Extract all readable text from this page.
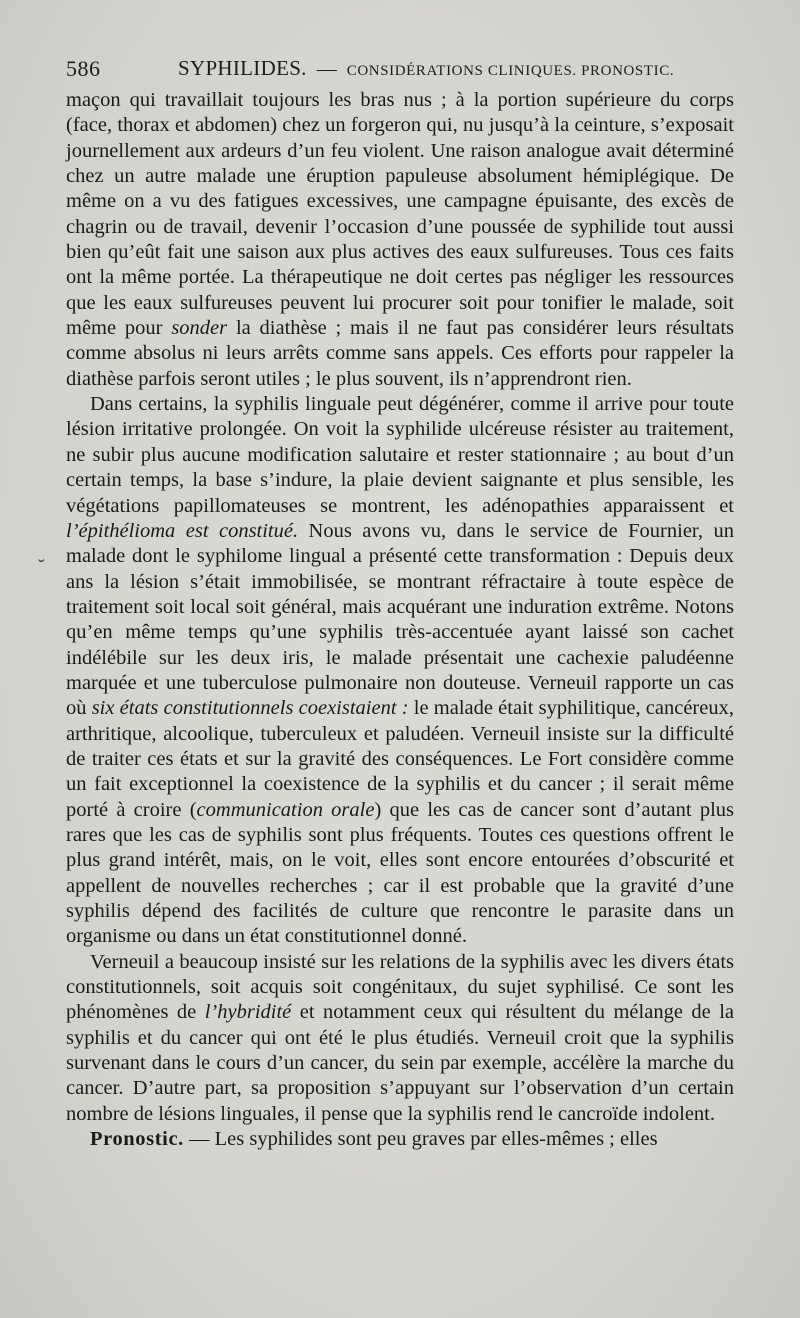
586	SYPHILIDES. — CONSIDÉRATIONS CLINIQUES. PRONOSTIC.
˘

maçon qui travaillait toujours les bras nus ; à la portion supérieure du corps (face, thorax et abdomen) chez un forgeron qui, nu jusqu’à la ceinture, s’exposait journellement aux ardeurs d’un feu violent. Une raison analogue avait déterminé chez un autre malade une éruption papuleuse absolument hémiplégique. De même on a vu des fatigues excessives, une campagne épuisante, des excès de chagrin ou de travail, devenir l’occasion d’une poussée de syphilide tout aussi bien qu’eût fait une saison aux plus actives des eaux sulfureuses. Tous ces faits ont la même portée. La thérapeutique ne doit certes pas négliger les ressources que les eaux sulfureuses peuvent lui procurer soit pour tonifier le malade, soit même pour sonder la diathèse ; mais il ne faut pas considérer leurs résultats comme absolus ni leurs arrêts comme sans appels. Ces efforts pour rappeler la diathèse parfois seront utiles ; le plus souvent, ils n’apprendront rien.

Dans certains, la syphilis linguale peut dégénérer, comme il arrive pour toute lésion irritative prolongée. On voit la syphilide ulcéreuse résister au traitement, ne subir plus aucune modification salutaire et rester stationnaire ; au bout d’un certain temps, la base s’indure, la plaie devient saignante et plus sensible, les végétations papillomateuses se montrent, les adénopathies apparaissent et l’épithélioma est constitué. Nous avons vu, dans le service de Fournier, un malade dont le syphilome lingual a présenté cette transformation : Depuis deux ans la lésion s’était immobilisée, se montrant réfractaire à toute espèce de traitement soit local soit général, mais acquérant une induration extrême. Notons qu’en même temps qu’une syphilis très-accentuée ayant laissé son cachet indélébile sur les deux iris, le malade présentait une cachexie paludéenne marquée et une tuberculose pulmonaire non douteuse. Verneuil rapporte un cas où six états constitutionnels coexistaient : le malade était syphilitique, cancéreux, arthritique, alcoolique, tuberculeux et paludéen. Verneuil insiste sur la difficulté de traiter ces états et sur la gravité des conséquences. Le Fort considère comme un fait exceptionnel la coexistence de la syphilis et du cancer ; il serait même porté à croire (communication orale) que les cas de cancer sont d’autant plus rares que les cas de syphilis sont plus fréquents. Toutes ces questions offrent le plus grand intérêt, mais, on le voit, elles sont encore entourées d’obscurité et appellent de nouvelles recherches ; car il est probable que la gravité d’une syphilis dépend des facilités de culture que rencontre le parasite dans un organisme ou dans un état constitutionnel donné.

Verneuil a beaucoup insisté sur les relations de la syphilis avec les divers états constitutionnels, soit acquis soit congénitaux, du sujet syphilisé. Ce sont les phénomènes de l’hybridité et notamment ceux qui résultent du mélange de la syphilis et du cancer qui ont été le plus étudiés. Verneuil croit que la syphilis survenant dans le cours d’un cancer, du sein par exemple, accélère la marche du cancer. D’autre part, sa proposition s’appuyant sur l’observation d’un certain nombre de lésions linguales, il pense que la syphilis rend le cancroïde indolent.

Pronostic. — Les syphilides sont peu graves par elles-mêmes ; elles
